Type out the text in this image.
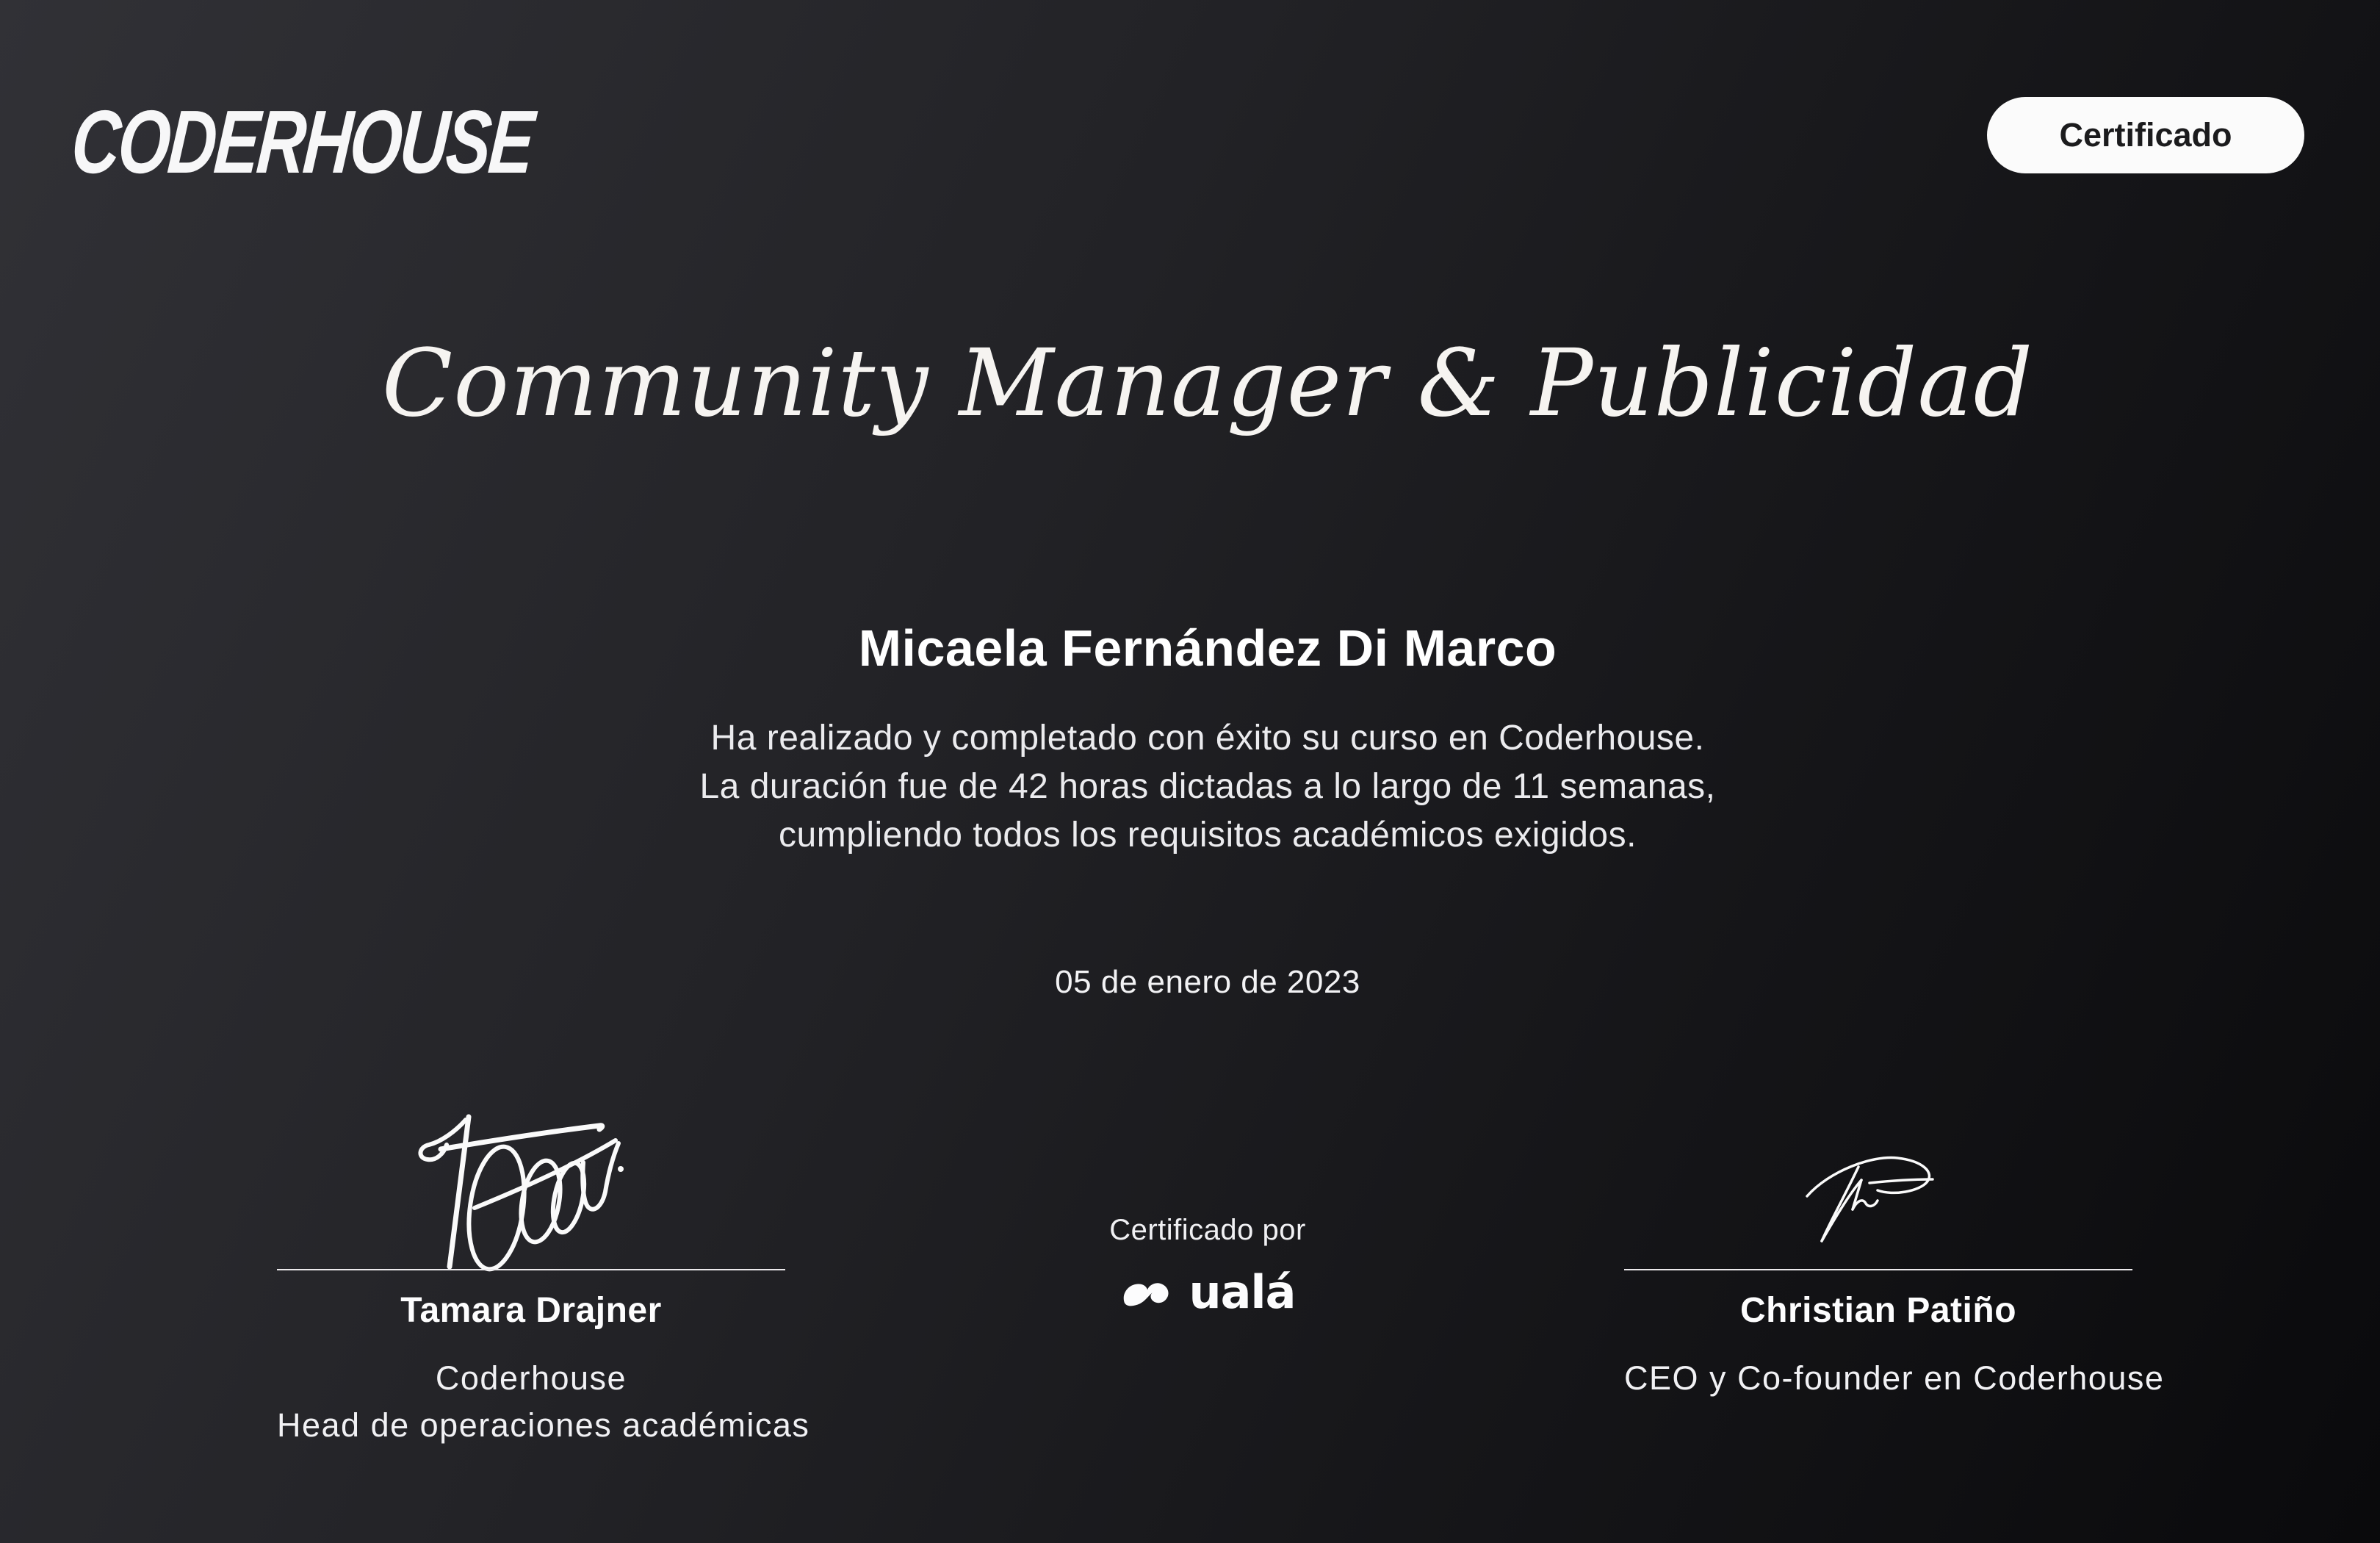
CODERHOUSE	Certificado
Community Manager & Publicidad
Micaela Fernández Di Marco

Ha realizado y completado con éxito su curso en Coderhouse.
La duración fue de 42 horas dictadas a lo largo de 11 semanas,
cumpliendo todos los requisitos académicos exigidos.

05 de enero de 2023
Certificado por
ualá
Tamara Drajner
Coderhouse
Head de operaciones académicas
Christian Patiño
CEO y Co-founder en Coderhouse
